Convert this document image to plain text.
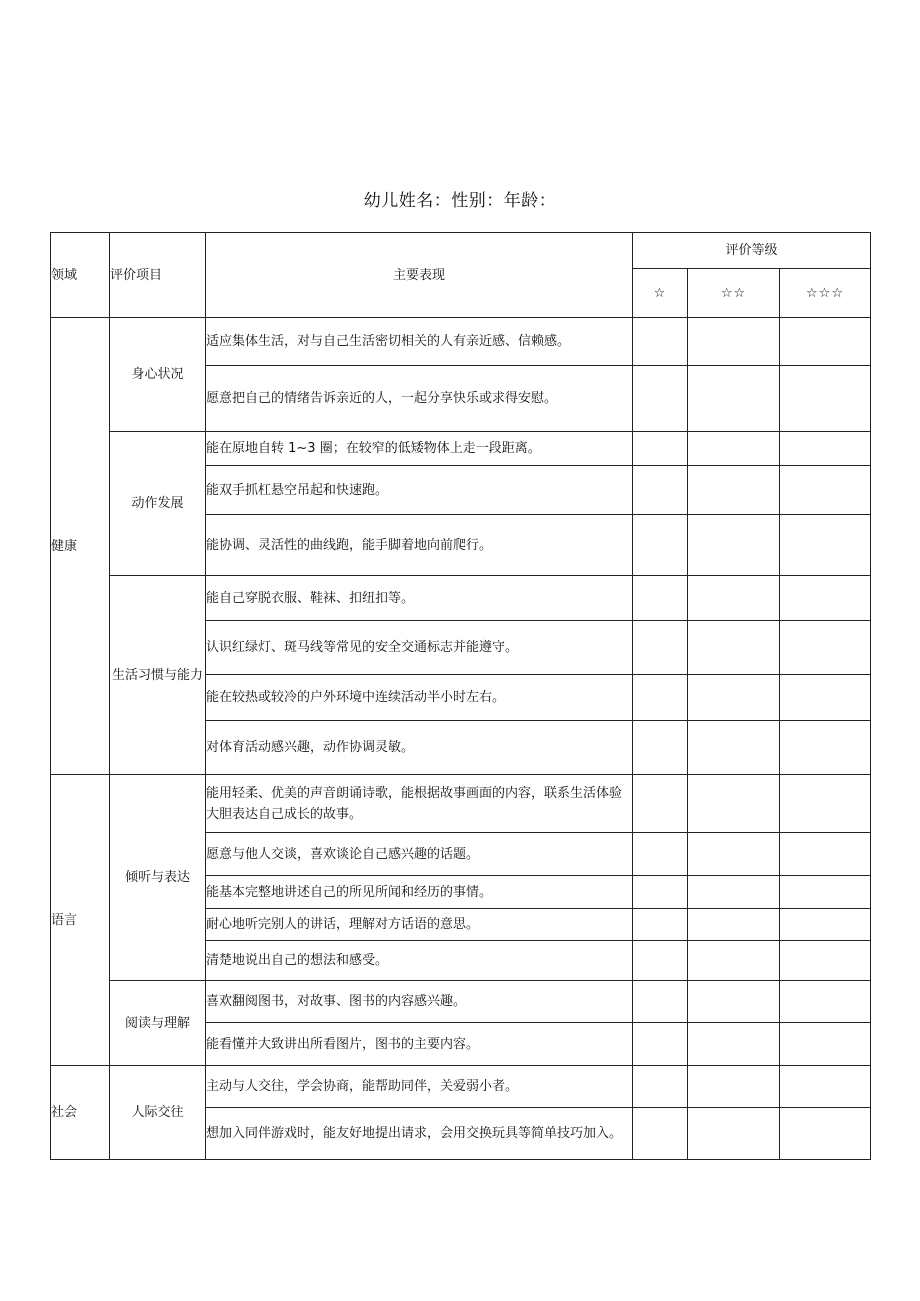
幼儿姓名：性别：年龄：
领域	评价项目	主要表现	评价等级		
			☆	☆☆	☆☆☆
健康	身心状况	适应集体生活，对与自己生活密切相关的人有亲近感、信赖感。			
		愿意把自己的情绪告诉亲近的人，一起分享快乐或求得安慰。			
	动作发展	能在原地自转 1~3 圈；在较窄的低矮物体上走一段距离。			
		能双手抓杠悬空吊起和快速跑。			
		能协调、灵活性的曲线跑，能手脚着地向前爬行。			
	生活习惯与能力	能自己穿脱衣服、鞋袜、扣纽扣等。			
		认识红绿灯、斑马线等常见的安全交通标志并能遵守。			
		能在较热或较冷的户外环境中连续活动半小时左右。			
		对体育活动感兴趣，动作协调灵敏。			
语言	倾听与表达	能用轻柔、优美的声音朗诵诗歌，能根据故事画面的内容，联系生活体验大胆表达自己成长的故事。			
		愿意与他人交谈，喜欢谈论自己感兴趣的话题。			
		能基本完整地讲述自己的所见所闻和经历的事情。			
		耐心地听完别人的讲话，理解对方话语的意思。			
		清楚地说出自己的想法和感受。			
	阅读与理解	喜欢翻阅图书，对故事、图书的内容感兴趣。			
		能看懂并大致讲出所看图片，图书的主要内容。			
社会	人际交往	主动与人交往，学会协商，能帮助同伴，关爱弱小者。			
		想加入同伴游戏时，能友好地提出请求，会用交换玩具等简单技巧加入。			
